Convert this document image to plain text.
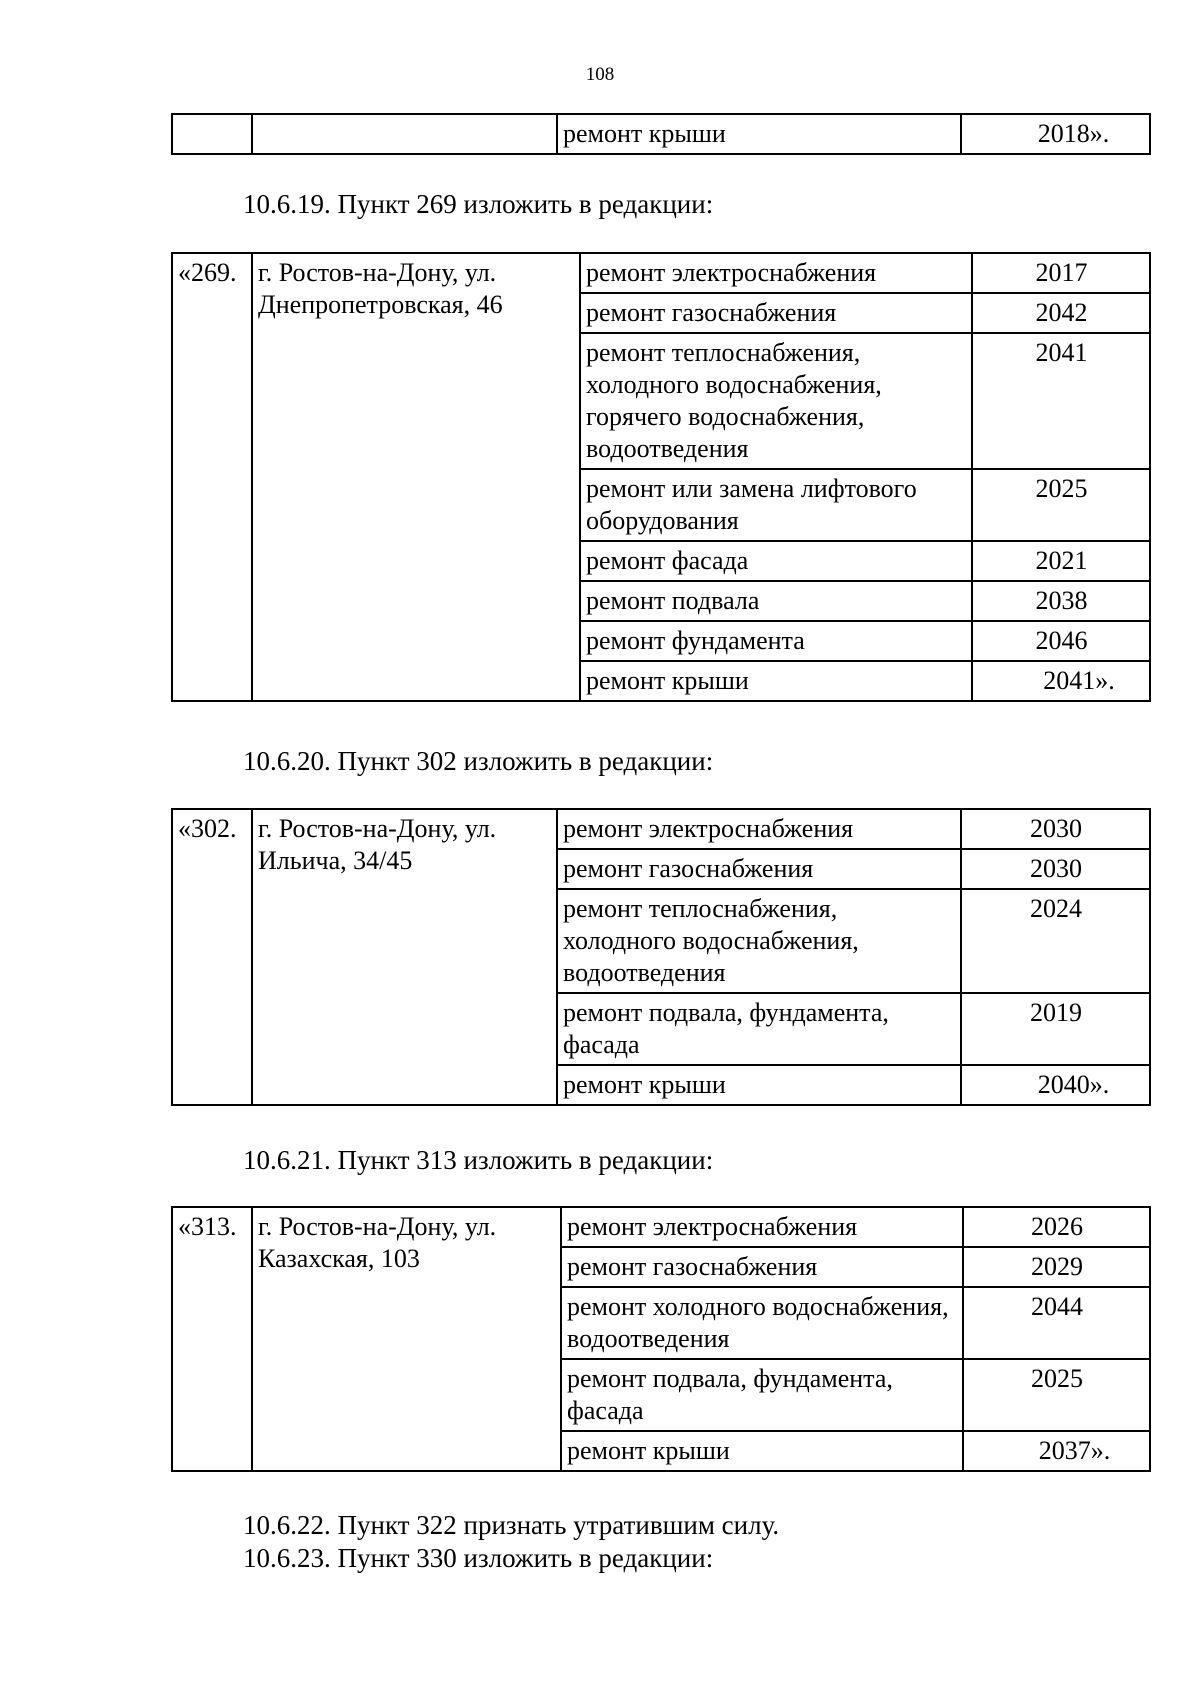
108
		ремонт крыши	2018».
10.6.19. Пункт 269 изложить в редакции:
«269.	г. Ростов-на-Дону, ул. Днепропетровская, 46	ремонт электроснабжения	2017
		ремонт газоснабжения	2042
		ремонт теплоснабжения, холодного водоснабжения, горячего водоснабжения, водоотведения	2041
		ремонт или замена лифтового оборудования	2025
		ремонт фасада	2021
		ремонт подвала	2038
		ремонт фундамента	2046
		ремонт крыши	2041».
10.6.20. Пункт 302 изложить в редакции:
«302.	г. Ростов-на-Дону, ул. Ильича, 34/45	ремонт электроснабжения	2030
		ремонт газоснабжения	2030
		ремонт теплоснабжения, холодного водоснабжения, водоотведения	2024
		ремонт подвала, фундамента, фасада	2019
		ремонт крыши	2040».
10.6.21. Пункт 313 изложить в редакции:
«313.	г. Ростов-на-Дону, ул. Казахская, 103	ремонт электроснабжения	2026
		ремонт газоснабжения	2029
		ремонт холодного водоснабжения, водоотведения	2044
		ремонт подвала, фундамента, фасада	2025
		ремонт крыши	2037».
10.6.22. Пункт 322 признать утратившим силу.
10.6.23. Пункт 330 изложить в редакции:
